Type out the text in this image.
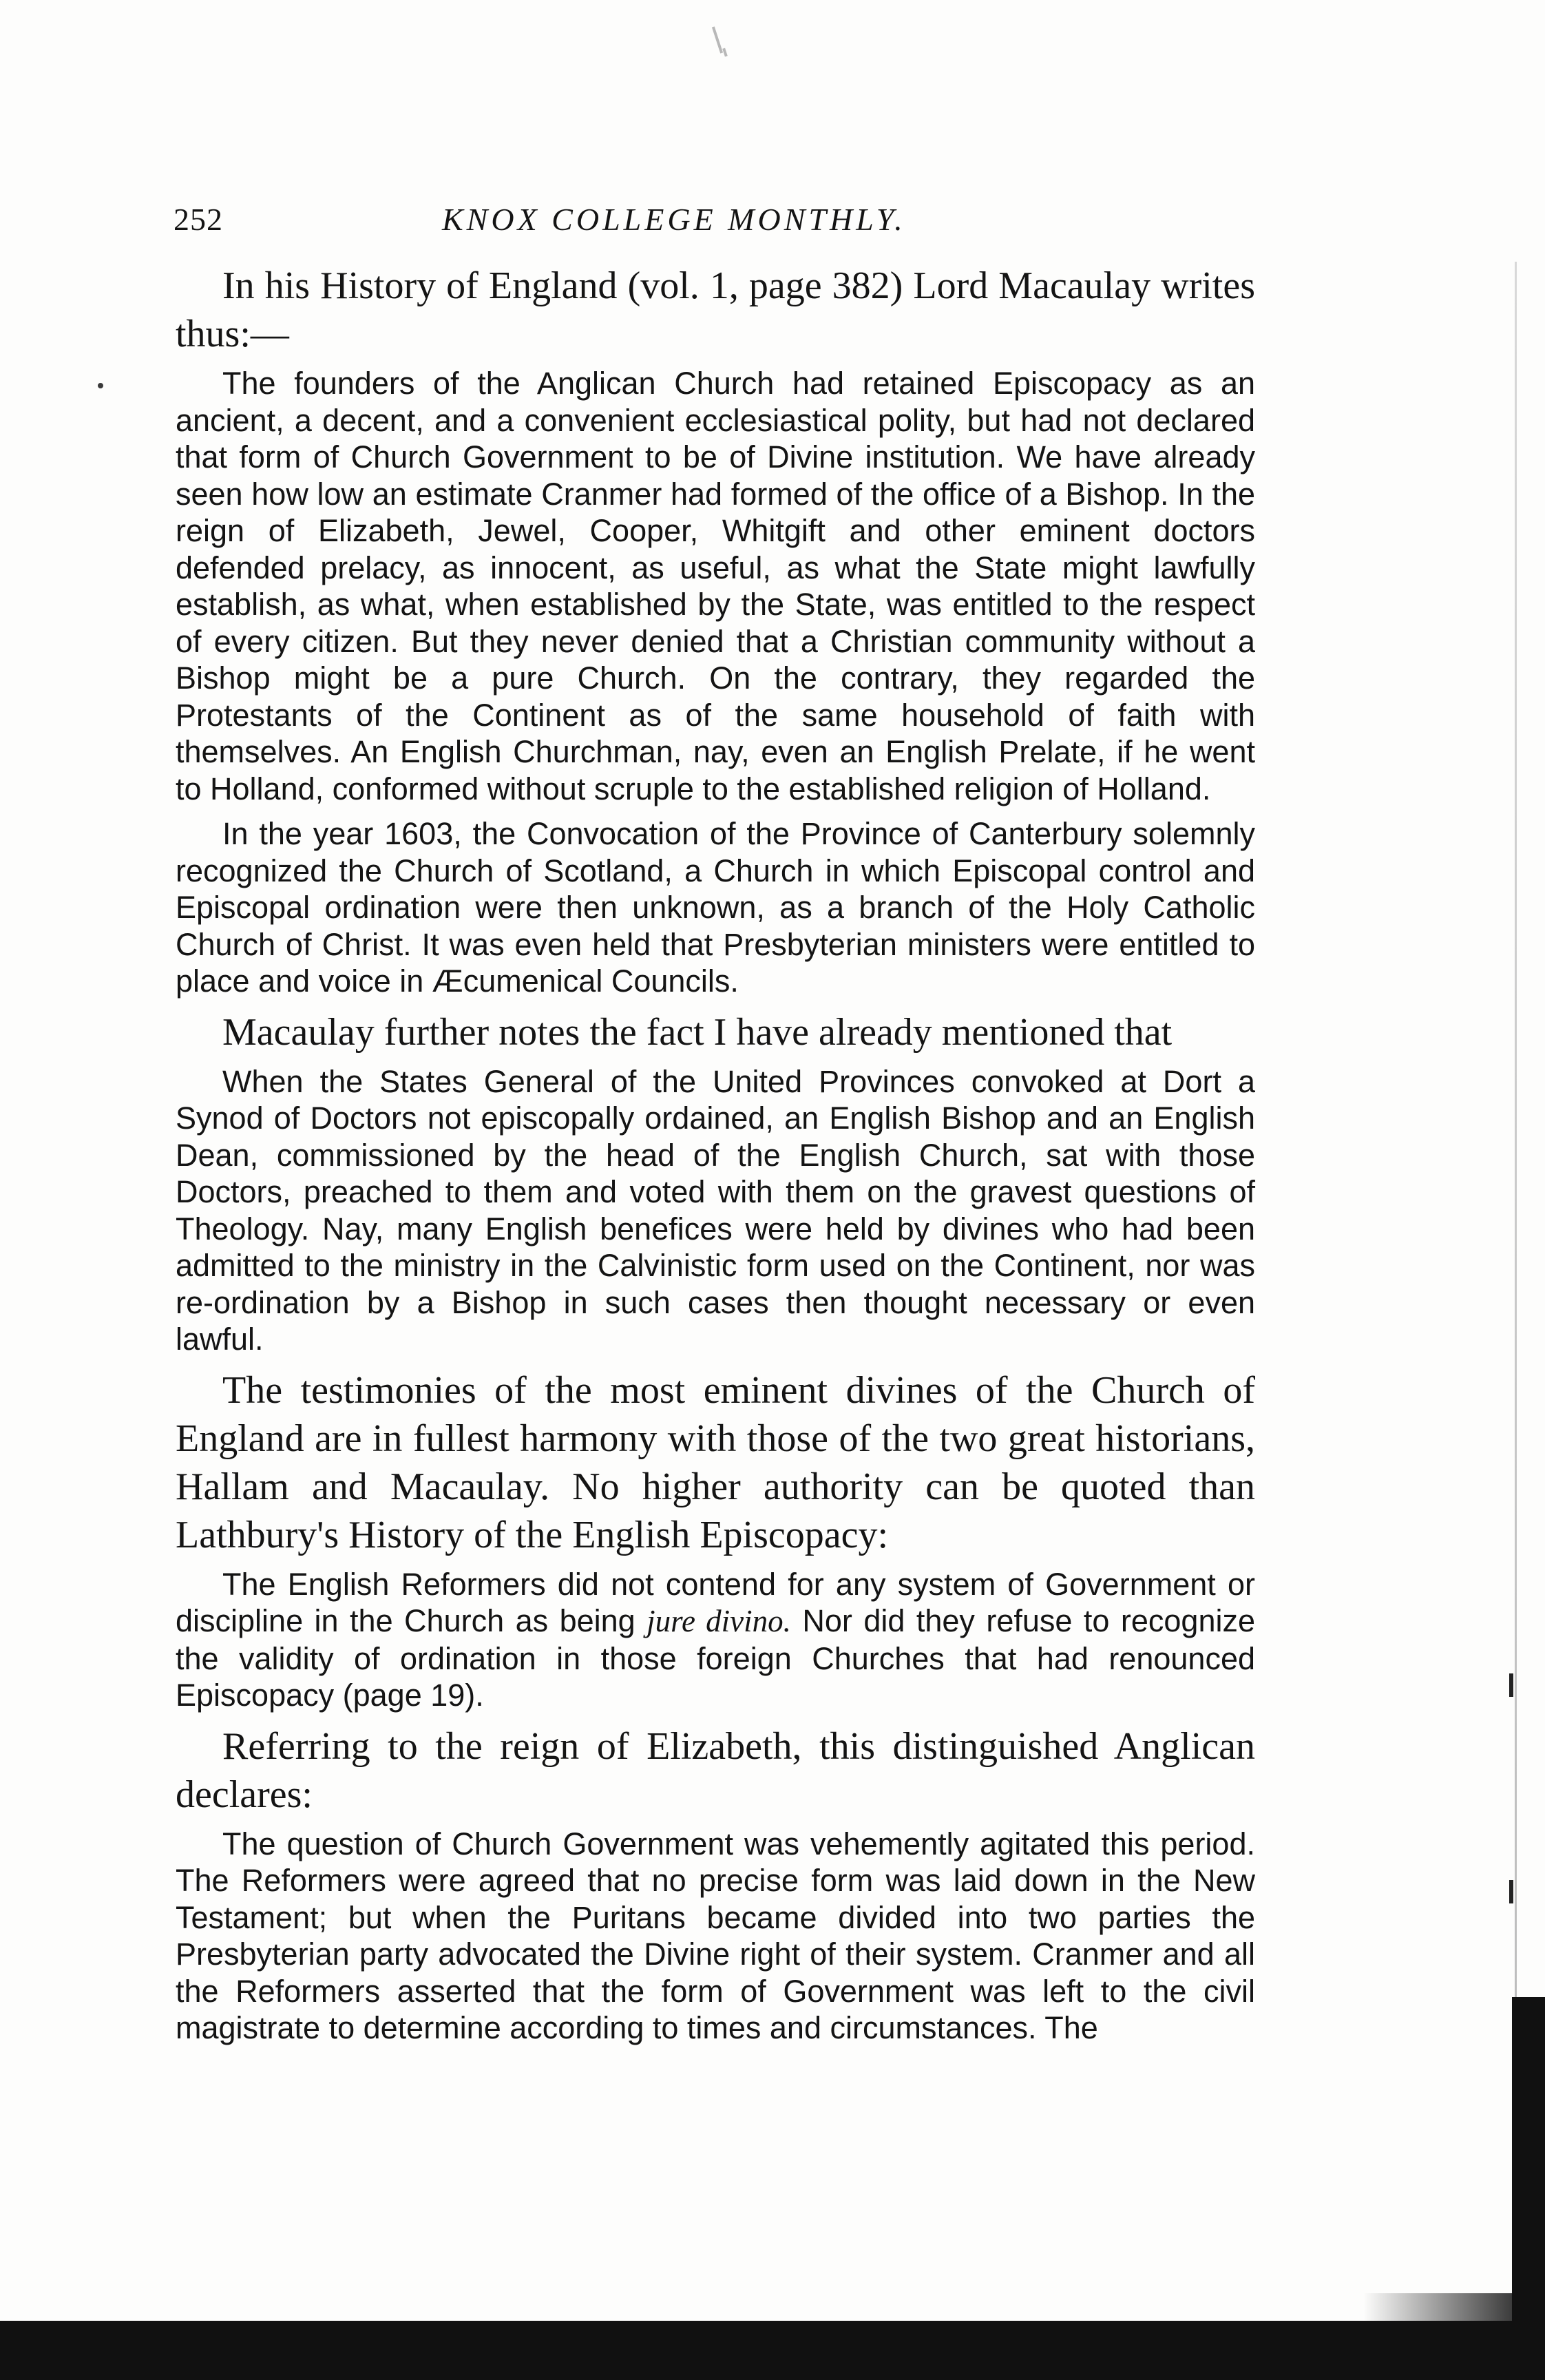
252	KNOX COLLEGE MONTHLY.

In his History of England (vol. 1, page 382) Lord Macaulay writes thus:—

The founders of the Anglican Church had retained Episcopacy as an ancient, a decent, and a convenient ecclesiastical polity, but had not declared that form of Church Government to be of Divine institution. We have already seen how low an estimate Cranmer had formed of the office of a Bishop. In the reign of Elizabeth, Jewel, Cooper, Whitgift and other eminent doctors defended prelacy, as innocent, as useful, as what the State might lawfully establish, as what, when established by the State, was entitled to the respect of every citizen. But they never denied that a Christian community without a Bishop might be a pure Church. On the contrary, they regarded the Protestants of the Continent as of the same household of faith with themselves. An English Churchman, nay, even an English Prelate, if he went to Holland, conformed without scruple to the established religion of Holland.

In the year 1603, the Convocation of the Province of Canterbury solemnly recognized the Church of Scotland, a Church in which Episcopal control and Episcopal ordination were then unknown, as a branch of the Holy Catholic Church of Christ. It was even held that Presbyterian ministers were entitled to place and voice in Æcumenical Councils.

Macaulay further notes the fact I have already mentioned that

When the States General of the United Provinces convoked at Dort a Synod of Doctors not episcopally ordained, an English Bishop and an English Dean, commissioned by the head of the English Church, sat with those Doctors, preached to them and voted with them on the gravest questions of Theology. Nay, many English benefices were held by divines who had been admitted to the ministry in the Calvinistic form used on the Continent, nor was re-ordination by a Bishop in such cases then thought necessary or even lawful.

The testimonies of the most eminent divines of the Church of England are in fullest harmony with those of the two great historians, Hallam and Macaulay. No higher authority can be quoted than Lathbury's History of the English Episcopacy:

The English Reformers did not contend for any system of Government or discipline in the Church as being jure divino. Nor did they refuse to recognize the validity of ordination in those foreign Churches that had renounced Episcopacy (page 19).

Referring to the reign of Elizabeth, this distinguished Anglican declares:

The question of Church Government was vehemently agitated this period. The Reformers were agreed that no precise form was laid down in the New Testament; but when the Puritans became divided into two parties the Presbyterian party advocated the Divine right of their system. Cranmer and all the Reformers asserted that the form of Government was left to the civil magistrate to determine according to times and circumstances. The
